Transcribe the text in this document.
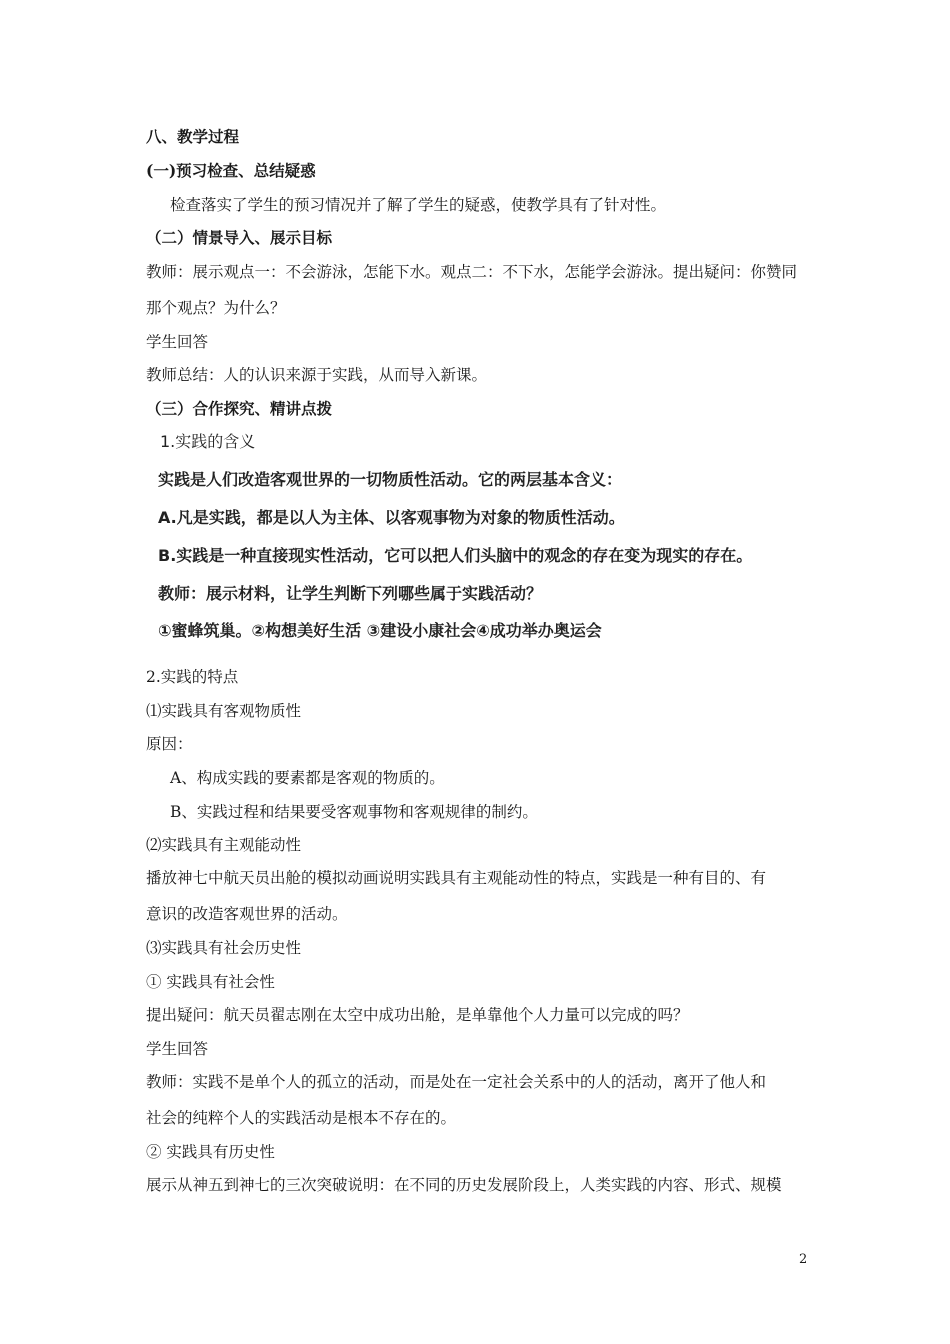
八、教学过程
(一)预习检查、总结疑惑
检查落实了学生的预习情况并了解了学生的疑惑，使教学具有了针对性。
（二）情景导入、展示目标
教师：展示观点一：不会游泳，怎能下水。观点二：不下水，怎能学会游泳。提出疑问：你赞同
那个观点？为什么？
学生回答
教师总结：人的认识来源于实践，从而导入新课。
（三）合作探究、精讲点拨
1.实践的含义
实践是人们改造客观世界的一切物质性活动。它的两层基本含义：
A.凡是实践，都是以人为主体、以客观事物为对象的物质性活动。
B.实践是一种直接现实性活动，它可以把人们头脑中的观念的存在变为现实的存在。
教师：展示材料，让学生判断下列哪些属于实践活动？
①蜜蜂筑巢。②构想美好生活 ③建设小康社会④成功举办奥运会
2.实践的特点
⑴实践具有客观物质性
原因：
A、构成实践的要素都是客观的物质的。
B、实践过程和结果要受客观事物和客观规律的制约。
⑵实践具有主观能动性
播放神七中航天员出舱的模拟动画说明实践具有主观能动性的特点，实践是一种有目的、有
意识的改造客观世界的活动。
⑶实践具有社会历史性
① 实践具有社会性
提出疑问：航天员翟志刚在太空中成功出舱，是单靠他个人力量可以完成的吗？
学生回答
教师：实践不是单个人的孤立的活动，而是处在一定社会关系中的人的活动，离开了他人和
社会的纯粹个人的实践活动是根本不存在的。
② 实践具有历史性
展示从神五到神七的三次突破说明：在不同的历史发展阶段上，人类实践的内容、形式、规模
2
